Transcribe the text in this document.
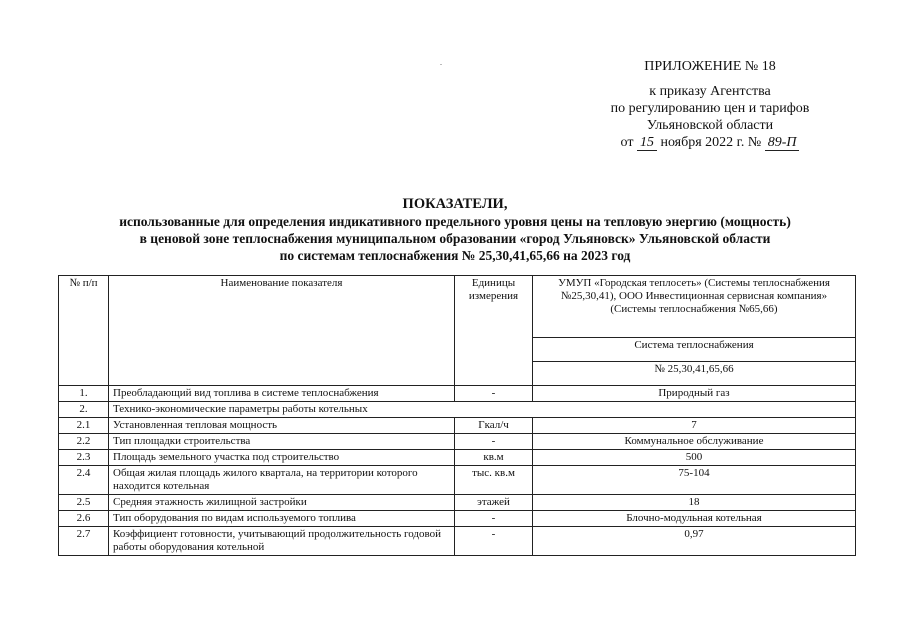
ПРИЛОЖЕНИЕ № 18
к приказу Агентства
по регулированию цен и тарифов
Ульяновской области
от 15 ноября 2022 г. № 89-П
ПОКАЗАТЕЛИ,
использованные для определения индикативного предельного уровня цены на тепловую энергию (мощность)
в ценовой зоне теплоснабжения муниципальном образовании «город Ульяновск» Ульяновской области
по системам теплоснабжения № 25,30,41,65,66 на 2023 год
№ п/п	Наименование показателя	Единицы измерения	УМУП «Городская теплосеть» (Системы теплоснабжения №25,30,41), ООО Инвестиционная сервисная компания» (Системы теплоснабжения №65,66)
			Система теплоснабжения
			№ 25,30,41,65,66
1.	Преобладающий вид топлива в системе теплоснабжения	-	Природный газ
2.	Технико-экономические параметры работы котельных		
2.1	Установленная тепловая мощность	Гкал/ч	7
2.2	Тип площадки строительства	-	Коммунальное обслуживание
2.3	Площадь земельного участка под строительство	кв.м	500
2.4	Общая жилая площадь жилого квартала, на территории которого находится котельная	тыс. кв.м	75-104
2.5	Средняя этажность жилищной застройки	этажей	18
2.6	Тип оборудования по видам используемого топлива	-	Блочно-модульная котельная
2.7	Коэффициент готовности, учитывающий продолжительность годовой работы оборудования котельной	-	0,97
